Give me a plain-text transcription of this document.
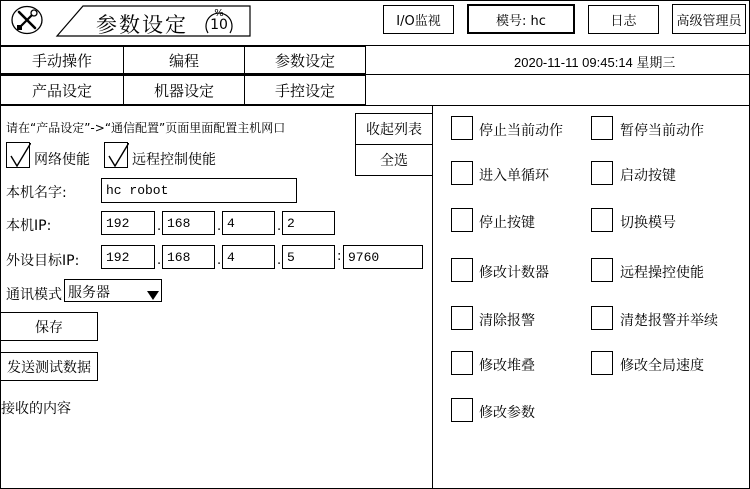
参数设定	%
10	I/O监视	模号: hc	日志	高级管理员
手动操作	编程	参数设定	2020-11-11 09:45:14 星期三
产品设定	机器设定	手控设定
请在“产品设定”->“通信配置”页面里面配置主机网口
网络使能	远程控制使能
本机名字:	hc robot
本机IP:	192	. 168	. 4	. 2
外设目标IP:	192	. 168	. 4	. 5	: 9760
通讯模式 服务器
保存
发送测试数据
接收的内容
收起列表
全选
停止当前动作	暂停当前动作
进入单循环	启动按键
停止按键	切换模号
修改计数器	远程操控使能
清除报警	清楚报警并举续
修改堆叠	修改全局速度
修改参数
